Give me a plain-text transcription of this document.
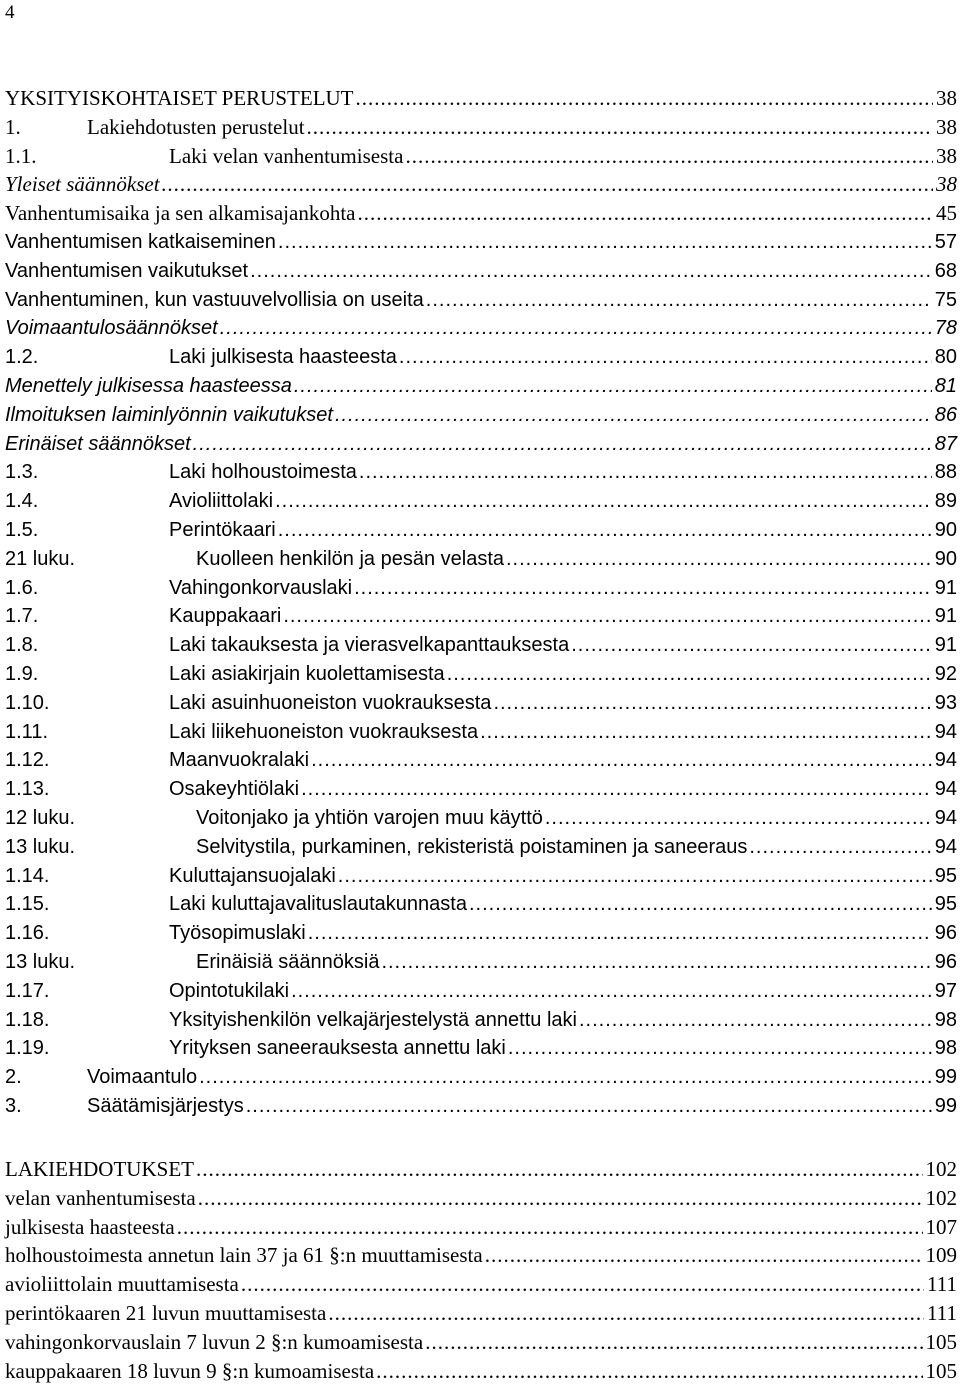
4
YKSITYISKOHTAISET PERUSTELUT .....	38
1.	Lakiehdotusten perustelut .....	38
1.1.	Laki velan vanhentumisesta .....	38
Yleiset säännökset .....	38
Vanhentumisaika ja sen alkamisajankohta .....	45
Vanhentumisen katkaiseminen .....	57
Vanhentumisen vaikutukset .....	68
Vanhentuminen, kun vastuuvelvollisia on useita .....	75
Voimaantulosäännökset .....	78
1.2.	Laki julkisesta haasteesta .....	80
Menettely julkisessa haasteessa .....	81
Ilmoituksen laiminlyönnin vaikutukset .....	86
Erinäiset säännökset .....	87
1.3.	Laki holhoustoimesta .....	88
1.4.	Avioliittolaki .....	89
1.5.	Perintökaari .....	90
21 luku.	Kuolleen henkilön ja pesän velasta .....	90
1.6.	Vahingonkorvauslaki .....	91
1.7.	Kauppakaari .....	91
1.8.	Laki takauksesta ja vierasvelkapanttauksesta .....	91
1.9.	Laki asiakirjain kuolettamisesta .....	92
1.10.	Laki asuinhuoneiston vuokrauksesta .....	93
1.11.	Laki liikehuoneiston vuokrauksesta .....	94
1.12.	Maanvuokralaki .....	94
1.13.	Osakeyhtiölaki .....	94
12 luku.	Voitonjako ja yhtiön varojen muu käyttö .....	94
13 luku.	Selvitystila, purkaminen, rekisteristä poistaminen ja saneeraus .....	94
1.14.	Kuluttajansuojalaki .....	95
1.15.	Laki kuluttajavalituslautakunnasta .....	95
1.16.	Työsopimuslaki .....	96
13 luku.	Erinäisiä säännöksiä .....	96
1.17.	Opintotukilaki .....	97
1.18.	Yksityishenkilön velkajärjestelystä annettu laki .....	98
1.19.	Yrityksen saneerauksesta annettu laki .....	98
2.	Voimaantulo .....	99
3.	Säätämisjärjestys .....	99
LAKIEHDOTUKSET .....	102
velan vanhentumisesta .....	102
julkisesta haasteesta .....	107
holhoustoimesta annetun lain 37 ja 61 §:n muuttamisesta .....	109
avioliittolain muuttamisesta .....	111
perintökaaren 21 luvun muuttamisesta .....	111
vahingonkorvauslain 7 luvun 2 §:n kumoamisesta .....	105
kauppakaaren 18 luvun 9 §:n kumoamisesta .....	105
